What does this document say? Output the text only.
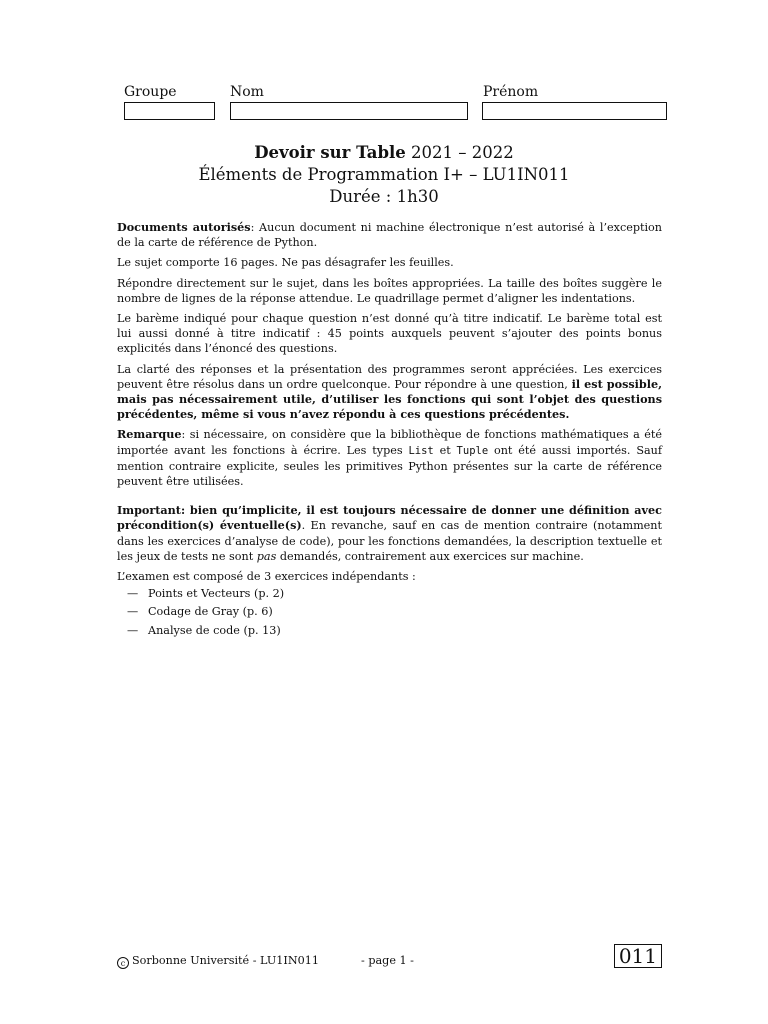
Groupe	Nom	Prénom
Devoir sur Table 2021 – 2022
Éléments de Programmation I+ – LU1IN011
Durée : 1h30

Documents autorisés: Aucun document ni machine électronique n’est autorisé à l’exception de la carte de référence de Python.

Le sujet comporte 16 pages. Ne pas désagrafer les feuilles.

Répondre directement sur le sujet, dans les boîtes appropriées. La taille des boîtes suggère le nombre de lignes de la réponse attendue. Le quadrillage permet d’aligner les indentations.

Le barème indiqué pour chaque question n’est donné qu’à titre indicatif. Le barème total est lui aussi donné à titre indicatif : 45 points auxquels peuvent s’ajouter des points bonus explicités dans l’énoncé des questions.

La clarté des réponses et la présentation des programmes seront appréciées. Les exercices peuvent être résolus dans un ordre quelconque. Pour répondre à une question, il est possible, mais pas nécessairement utile, d’utiliser les fonctions qui sont l’objet des questions précédentes, même si vous n’avez répondu à ces questions précédentes.

Remarque: si nécessaire, on considère que la bibliothèque de fonctions mathématiques a été importée avant les fonctions à écrire. Les types List et Tuple ont été aussi importés. Sauf mention contraire explicite, seules les primitives Python présentes sur la carte de référence peuvent être utilisées.

Important: bien qu’implicite, il est toujours nécessaire de donner une définition avec précondition(s) éventuelle(s). En revanche, sauf en cas de mention contraire (notamment dans les exercices d’analyse de code), pour les fonctions demandées, la description textuelle et les jeux de tests ne sont pas demandés, contrairement aux exercices sur machine.

L’examen est composé de 3 exercices indépendants :

— Points et Vecteurs (p. 2)
— Codage de Gray (p. 6)
— Analyse de code (p. 13)
c Sorbonne Université - LU1IN011	- page 1 -	011
